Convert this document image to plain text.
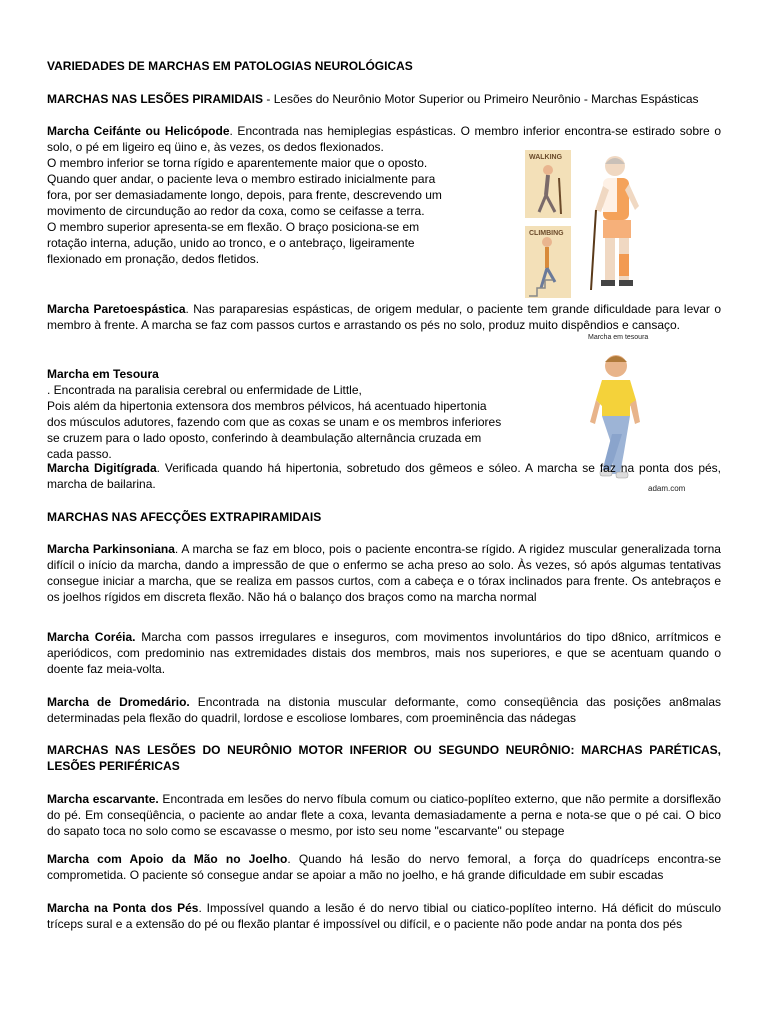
VARIEDADES DE MARCHAS EM PATOLOGIAS NEUROLÓGICAS
MARCHAS NAS LESÕES PIRAMIDAIS - Lesões do Neurônio Motor Superior ou Primeiro Neurônio - Marchas Espásticas
Marcha Ceifánte ou Helicópode. Encontrada nas hemiplegias espásticas. O membro inferior encontra-se estirado sobre o solo, o pé em ligeiro eq üino e, às vezes, os dedos flexionados.
O membro inferior se torna rígido e aparentemente maior que o oposto.
Quando quer andar, o paciente leva o membro estirado inicialmente para
fora, por ser demasiadamente longo, depois, para frente, descrevendo um
movimento de circundução ao redor da coxa, como se ceifasse a terra.
O membro superior apresenta-se em flexão. O braço posiciona-se em
rotação interna, adução, unido ao tronco, e o antebraço, ligeiramente
flexionado em pronação, dedos fletidos.
WALKING
CLIMBING
Marcha Paretoespástica. Nas paraparesias espásticas, de origem medular, o paciente tem grande dificuldade para levar o membro à frente. A marcha se faz com passos curtos e arrastando os pés no solo, produz muito dispêndios e cansaço.
Marcha em tesoura
adam.com
Marcha em Tesoura
. Encontrada na paralisia cerebral ou enfermidade de Little,
Pois além da hipertonia extensora dos membros pélvicos, há acentuado hipertonia
dos músculos adutores, fazendo com que as coxas se unam e os membros inferiores
se cruzem para o lado oposto, conferindo à deambulação alternância cruzada em
cada passo.
Marcha Digitígrada. Verificada quando há hipertonia, sobretudo dos gêmeos e sóleo. A marcha se faz na ponta dos pés, marcha de bailarina.
MARCHAS NAS AFECÇÕES EXTRAPIRAMIDAIS
Marcha Parkinsoniana. A marcha se faz em bloco, pois o paciente encontra-se rígido. A rigidez muscular generalizada torna difícil o início da marcha, dando a impressão de que o enfermo se acha preso ao solo. Às vezes, só após algumas tentativas consegue iniciar a marcha, que se realiza em passos curtos, com a cabeça e o tórax inclinados para frente. Os antebraços e os joelhos rígidos em discreta flexão. Não há o balanço dos braços como na marcha normal
Marcha Coréia. Marcha com passos irregulares e inseguros, com movimentos involuntários do tipo d8nico, arrítmicos e aperiódicos, com predominio nas extremidades distais dos membros, mais nos superiores, e que se acentuam quando o doente faz meia-volta.
Marcha de Dromedário. Encontrada na distonia muscular deformante, como conseqüência das posições an8malas determinadas pela flexão do quadril, lordose e escoliose lombares, com proeminência das nádegas
MARCHAS NAS LESÕES DO NEURÔNIO MOTOR INFERIOR OU SEGUNDO NEURÔNIO: MARCHAS PARÉTICAS, LESÕES PERIFÉRICAS
Marcha escarvante. Encontrada em lesões do nervo fíbula comum ou ciatico-poplíteo externo, que não permite a dorsiflexão do pé. Em conseqüência, o paciente ao andar flete a coxa, levanta demasiadamente a perna e nota-se que o pé cai. O bico do sapato toca no solo como se escavasse o mesmo, por isto seu nome "escarvante" ou stepage
Marcha com Apoio da Mão no Joelho. Quando há lesão do nervo femoral, a força do quadríceps encontra-se comprometida. O paciente só consegue andar se apoiar a mão no joelho, e há grande dificuldade em subir escadas
Marcha na Ponta dos Pés. Impossível quando a lesão é do nervo tibial ou ciatico-poplíteo interno. Há déficit do músculo tríceps sural e a extensão do pé ou flexão plantar é impossível ou difícil, e o paciente não pode andar na ponta dos pés
